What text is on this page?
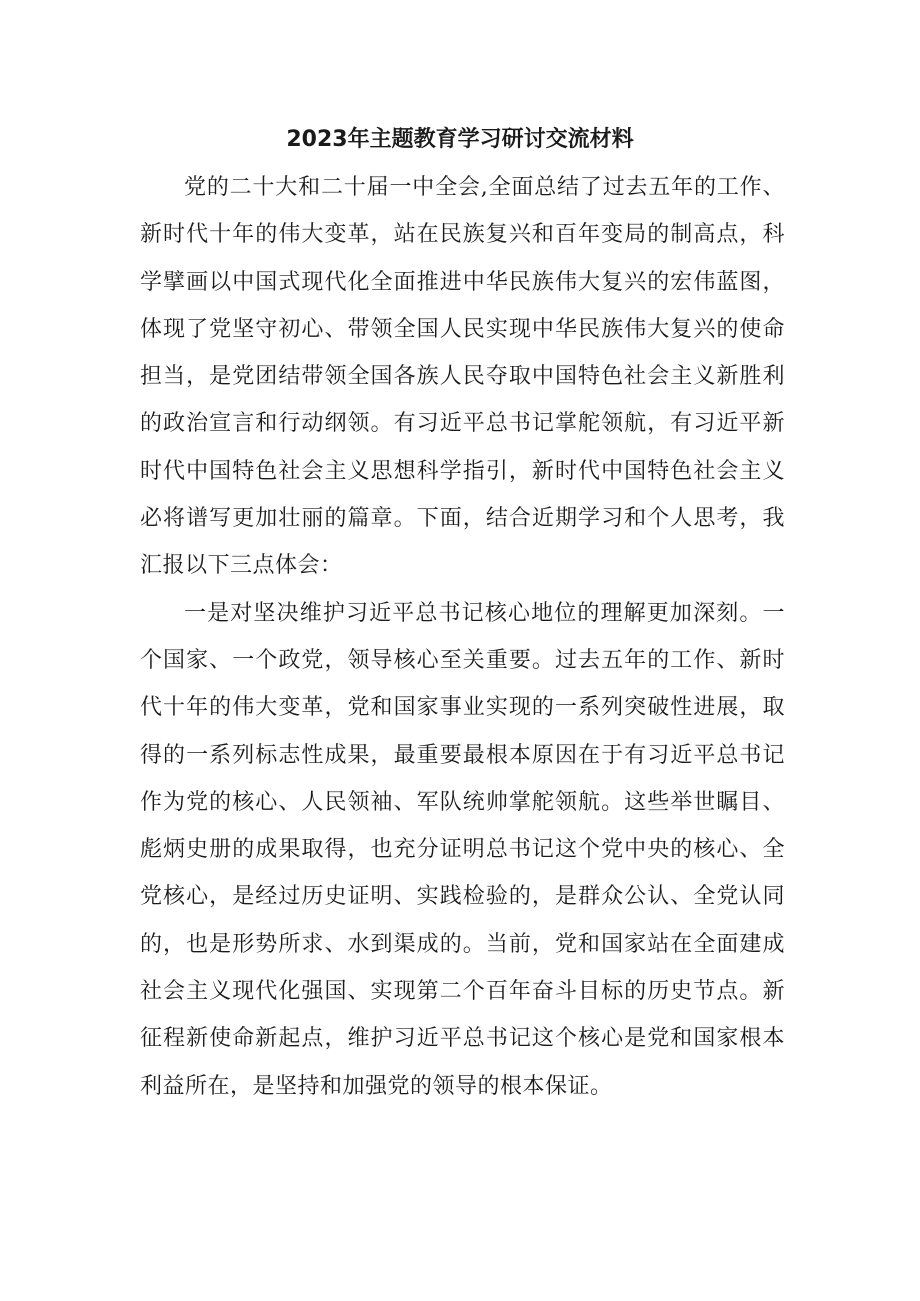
2023年主题教育学习研讨交流材料

党的二十大和二十届一中全会,全面总结了过去五年的工作、新时代十年的伟大变革，站在民族复兴和百年变局的制高点，科学擘画以中国式现代化全面推进中华民族伟大复兴的宏伟蓝图，体现了党坚守初心、带领全国人民实现中华民族伟大复兴的使命担当，是党团结带领全国各族人民夺取中国特色社会主义新胜利的政治宣言和行动纲领。有习近平总书记掌舵领航，有习近平新时代中国特色社会主义思想科学指引，新时代中国特色社会主义必将谱写更加壮丽的篇章。下面，结合近期学习和个人思考，我汇报以下三点体会：

一是对坚决维护习近平总书记核心地位的理解更加深刻。一个国家、一个政党，领导核心至关重要。过去五年的工作、新时代十年的伟大变革，党和国家事业实现的一系列突破性进展，取得的一系列标志性成果，最重要最根本原因在于有习近平总书记作为党的核心、人民领袖、军队统帅掌舵领航。这些举世瞩目、彪炳史册的成果取得，也充分证明总书记这个党中央的核心、全党核心，是经过历史证明、实践检验的，是群众公认、全党认同的，也是形势所求、水到渠成的。当前，党和国家站在全面建成社会主义现代化强国、实现第二个百年奋斗目标的历史节点。新征程新使命新起点，维护习近平总书记这个核心是党和国家根本利益所在，是坚持和加强党的领导的根本保证。
